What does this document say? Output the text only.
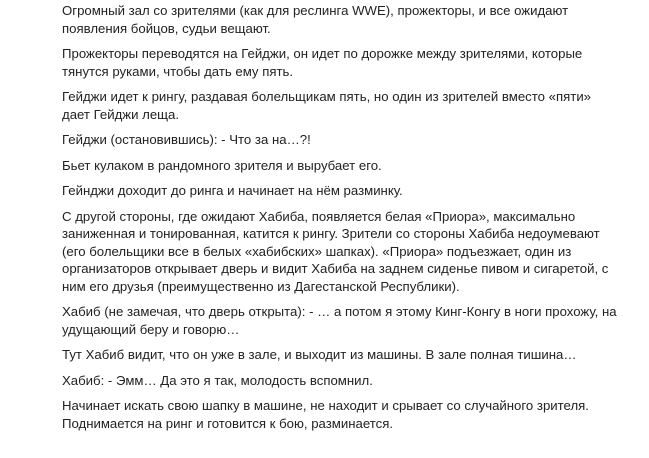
Огромный зал со зрителями (как для реслинга WWE), прожекторы, и все ожидают
появления бойцов, судьи вещают.

Прожекторы переводятся на Гейджи, он идет по дорожке между зрителями, которые
тянутся руками, чтобы дать ему пять.

Гейджи идет к рингу, раздавая болельщикам пять, но один из зрителей вместо «пяти»
дает Гейджи леща.

Гейджи (остановившись): - Что за на…?!

Бьет кулаком в рандомного зрителя и вырубает его.

Гейнджи доходит до ринга и начинает на нём разминку.

С другой стороны, где ожидают Хабиба, появляется белая «Приора», максимально
заниженная и тонированная, катится к рингу. Зрители со стороны Хабиба недоумевают
(его болельщики все в белых «хабибских» шапках). «Приора» подъезжает, один из
организаторов открывает дверь и видит Хабиба на заднем сиденье пивом и сигаретой, с
ним его друзья (преимущественно из Дагестанской Республики).

Хабиб (не замечая, что дверь открыта): - … а потом я этому Кинг-Конгу в ноги прохожу, на
удущающий беру и говорю…

Тут Хабиб видит, что он уже в зале, и выходит из машины. В зале полная тишина…

Хабиб: - Эмм… Да это я так, молодость вспомнил.

Начинает искать свою шапку в машине, не находит и срывает со случайного зрителя.
Поднимается на ринг и готовится к бою, разминается.
